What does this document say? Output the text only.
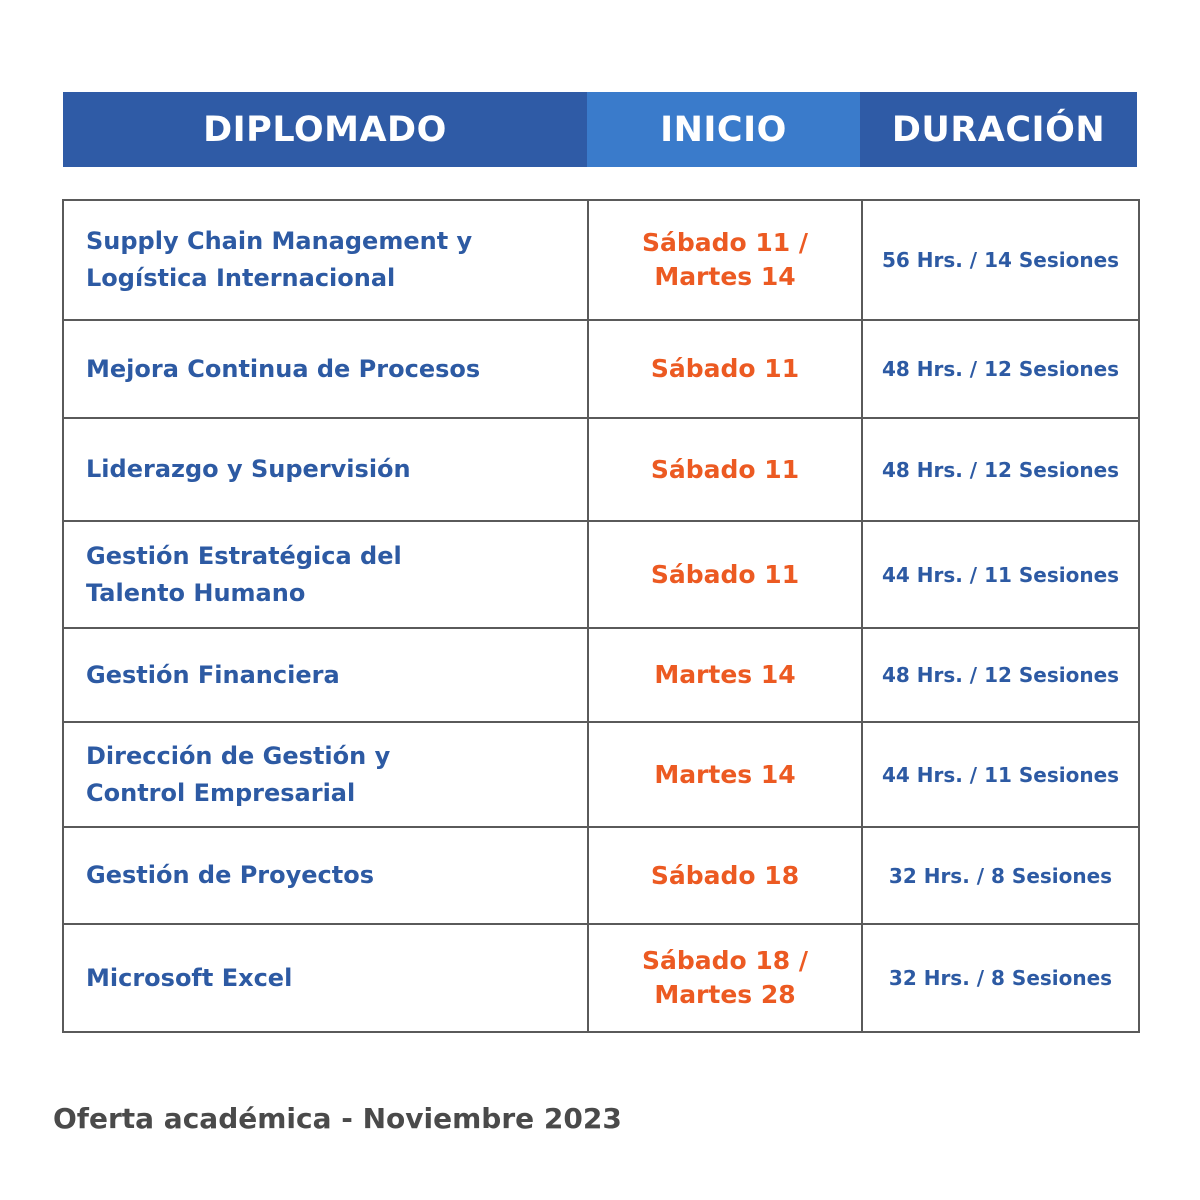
DIPLOMADO	INICIO	DURACIÓN
Supply Chain Management y Logística Internacional	Sábado 11 / Martes 14	56 Hrs. / 14 Sesiones

Mejora Continua de Procesos	Sábado 11	48 Hrs. / 12 Sesiones

Liderazgo y Supervisión	Sábado 11	48 Hrs. / 12 Sesiones

Gestión Estratégica del Talento Humano	Sábado 11	44 Hrs. / 11 Sesiones

Gestión Financiera	Martes 14	48 Hrs. / 12 Sesiones

Dirección de Gestión y Control Empresarial	Martes 14	44 Hrs. / 11 Sesiones

Gestión de Proyectos	Sábado 18	32 Hrs. / 8 Sesiones

Microsoft Excel	Sábado 18 / Martes 28	32 Hrs. / 8 Sesiones
Oferta académica - Noviembre 2023
